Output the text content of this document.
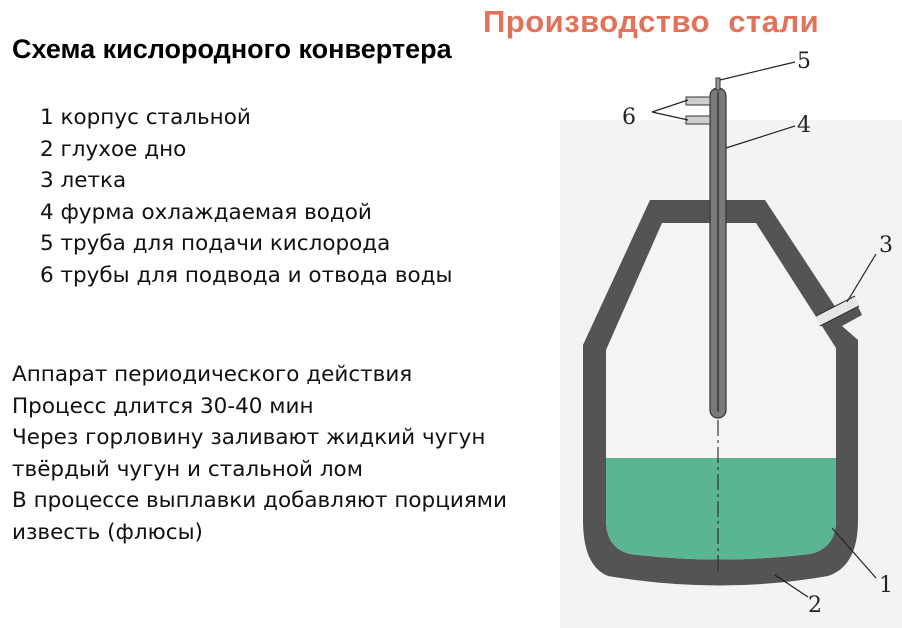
Производство  стали
Схема кислородного конвертера
1 корпус стальной
2 глухое дно
3 летка
4 фурма охлаждаемая водой
5 труба для подачи кислорода
6 трубы для подвода и отвода воды
Аппарат периодического действия
Процесс длится 30-40 мин
Через горловину заливают жидкий чугун
твёрдый чугун и стальной лом
В процессе выплавки добавляют порциями
известь (флюсы)
5
6	4
3
1
2
